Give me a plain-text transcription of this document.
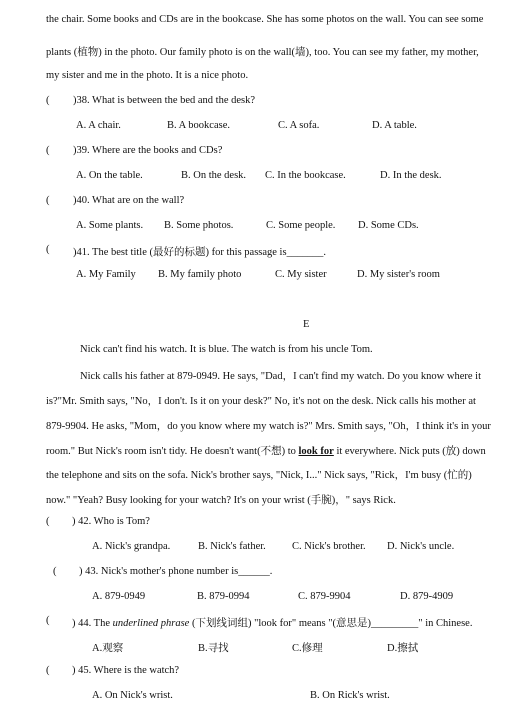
the chair. Some books and CDs are in the bookcase. She has some photos on the wall. You can see some
plants (植物) in the photo. Our family photo is on the wall(墙), too. You can see my father, my mother,
my sister and me in the photo. It is a nice photo.
( )38. What is between the bed and the desk?
A. A chair.	B. A bookcase.	C. A sofa.	D. A table.
( )39. Where are the books and CDs?
A. On the table.	B. On the desk. C. In the bookcase.	D. In the desk.
( )40. What are on the wall?
A. Some plants. B. Some photos.	C. Some people. D. Some CDs.
( )41. The best title (最好的标题) for this passage is_______.
A. My Family B. My family photo	C. My sister	D. My sister's room
E
Nick can't find his watch. It is blue. The watch is from his uncle Tom.
Nick calls his father at 879-0949. He says, "Dad，I can't find my watch. Do you know where it
is?"Mr. Smith says, "No，I don't. Is it on your desk?" No, it's not on the desk. Nick calls his mother at
879-9904. He asks, "Mom，do you know where my watch is?" Mrs. Smith says, "Oh，I think it's in your
room." But Nick's room isn't tidy. He doesn't want(不想) to look for it everywhere. Nick puts (放) down
the telephone and sits on the sofa. Nick's brother says, "Nick, I..." Nick says, "Rick，I'm busy (忙的)
now." "Yeah? Busy looking for your watch? It's on your wrist (手腕)，" says Rick.
( ) 42. Who is Tom?
A. Nick's grandpa.	B. Nick's father. C. Nick's brother. D. Nick's uncle.
( ) 43. Nick's mother's phone number is______.
A. 879-0949	B. 879-0994	C. 879-9904	D. 879-4909
( ) 44. The underlined phrase (下划线词组) "look for" means "(意思是)_________" in Chinese.
A.观察	B.寻找	C.修理	D.擦拭
( ) 45. Where is the watch?
A. On Nick's wrist.	B. On Rick's wrist.
